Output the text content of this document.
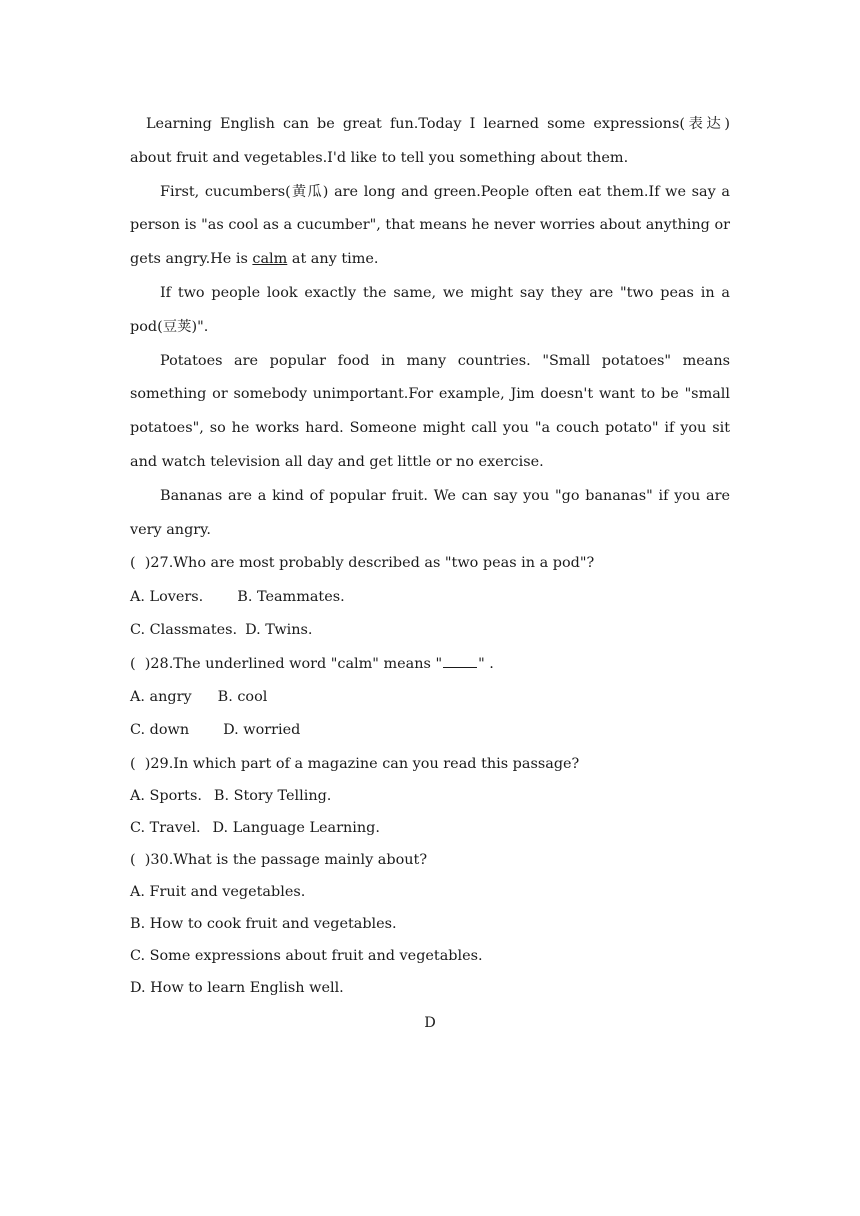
Learning English can be great fun.Today I learned some expressions(表达) about fruit and vegetables.I'd like to tell you something about them.

First, cucumbers(黄瓜) are long and green.People often eat them.If we say a person is "as cool as a cucumber", that means he never worries about anything or gets angry.He is calm at any time.

If two people look exactly the same, we might say they are "two peas in a pod(豆荚)".

Potatoes are popular food in many countries. "Small potatoes" means something or somebody unimportant.For example, Jim doesn't want to be "small potatoes", so he works hard. Someone might call you "a couch potato" if you sit and watch television all day and get little or no exercise.

Bananas are a kind of popular fruit. We can say you "go bananas" if you are very angry.

(  )27.Who are most probably described as "two peas in a pod"?

A. Lovers. B. Teammates.

C. Classmates. D. Twins.

(  )28.The underlined word "calm" means "	" .

A. angry B. cool

C. down D. worried

(  )29.In which part of a magazine can you read this passage?

A. Sports. B. Story Telling.

C. Travel. D. Language Learning.

(  )30.What is the passage mainly about?

A. Fruit and vegetables.

B. How to cook fruit and vegetables.

C. Some expressions about fruit and vegetables.

D. How to learn English well.

D
